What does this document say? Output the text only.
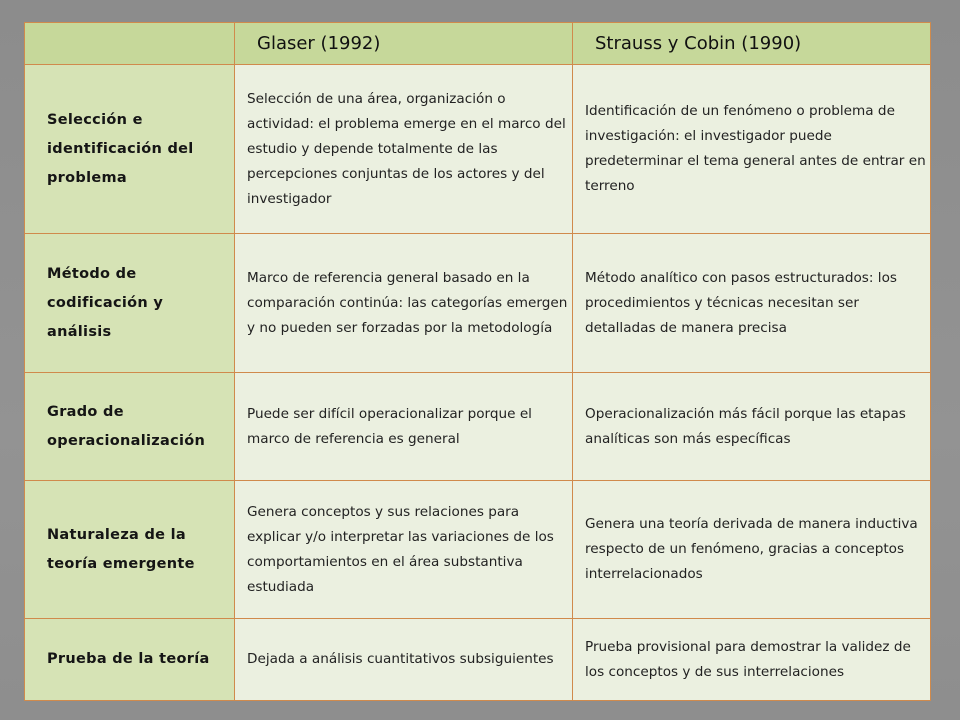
	Glaser (1992)	Strauss y Cobin (1990)
Selección e identificación del problema	Selección de una área, organización o actividad: el problema emerge en el marco del estudio y depende totalmente de las percepciones conjuntas de los actores y del investigador	Identificación de un fenómeno o problema de investigación: el investigador puede predeterminar el tema general antes de entrar en terreno
Método de codificación y análisis	Marco de referencia general basado en la comparación continúa: las categorías emergen y no pueden ser forzadas por la metodología	Método analítico con pasos estructurados: los procedimientos y técnicas necesitan ser detalladas de manera precisa
Grado de operacionalización	Puede ser difícil operacionalizar porque el marco de referencia es general	Operacionalización más fácil porque las etapas analíticas son más específicas
Naturaleza de la teoría emergente	Genera conceptos y sus relaciones para explicar y/o interpretar las variaciones de los comportamientos en el área substantiva estudiada	Genera una teoría derivada de manera inductiva respecto de un fenómeno, gracias a conceptos interrelacionados
Prueba de la teoría	Dejada a análisis cuantitativos subsiguientes	Prueba provisional para demostrar la validez de los conceptos y de sus interrelaciones
